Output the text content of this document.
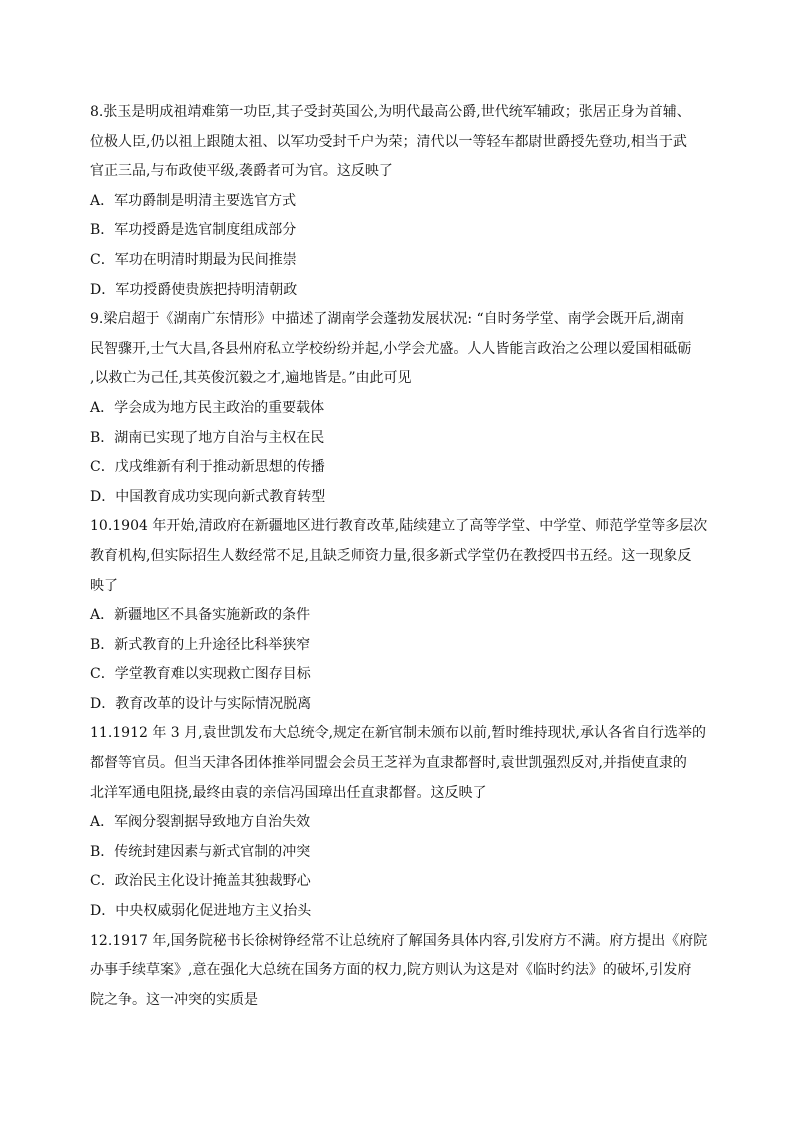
8.张玉是明成祖靖难第一功臣,其子受封英国公,为明代最高公爵,世代统军辅政；张居正身为首辅、
位极人臣,仍以祖上跟随太祖、以军功受封千户为荣；清代以一等轻车都尉世爵授先登功,相当于武
官正三品,与布政使平级,袭爵者可为官。这反映了
A．军功爵制是明清主要选官方式
B．军功授爵是选官制度组成部分
C．军功在明清时期最为民间推崇
D．军功授爵使贵族把持明清朝政
9.梁启超于《湖南广东情形》中描述了湖南学会蓬勃发展状况: “自时务学堂、南学会既开后,湖南
民智骤开,士气大昌,各县州府私立学校纷纷并起,小学会尤盛。人人皆能言政治之公理以爱国相砥砺
,以救亡为己任,其英俊沉毅之才,遍地皆是。”由此可见
A．学会成为地方民主政治的重要载体
B．湖南已实现了地方自治与主权在民
C．戊戌维新有利于推动新思想的传播
D．中国教育成功实现向新式教育转型
10.1904 年开始,清政府在新疆地区进行教育改革,陆续建立了高等学堂、中学堂、师范学堂等多层次
教育机构,但实际招生人数经常不足,且缺乏师资力量,很多新式学堂仍在教授四书五经。这一现象反
映了
A．新疆地区不具备实施新政的条件
B．新式教育的上升途径比科举狭窄
C．学堂教育难以实现救亡图存目标
D．教育改革的设计与实际情况脱离
11.1912 年 3 月,袁世凯发布大总统令,规定在新官制未颁布以前,暂时维持现状,承认各省自行选举的
都督等官员。但当天津各团体推举同盟会会员王芝祥为直隶都督时,袁世凯强烈反对,并指使直隶的
北洋军通电阻挠,最终由袁的亲信冯国璋出任直隶都督。这反映了
A．军阀分裂割据导致地方自治失效
B．传统封建因素与新式官制的冲突
C．政治民主化设计掩盖其独裁野心
D．中央权威弱化促进地方主义抬头
12.1917 年,国务院秘书长徐树铮经常不让总统府了解国务具体内容,引发府方不满。府方提出《府院
办事手续草案》,意在强化大总统在国务方面的权力,院方则认为这是对《临时约法》的破坏,引发府
院之争。这一冲突的实质是
